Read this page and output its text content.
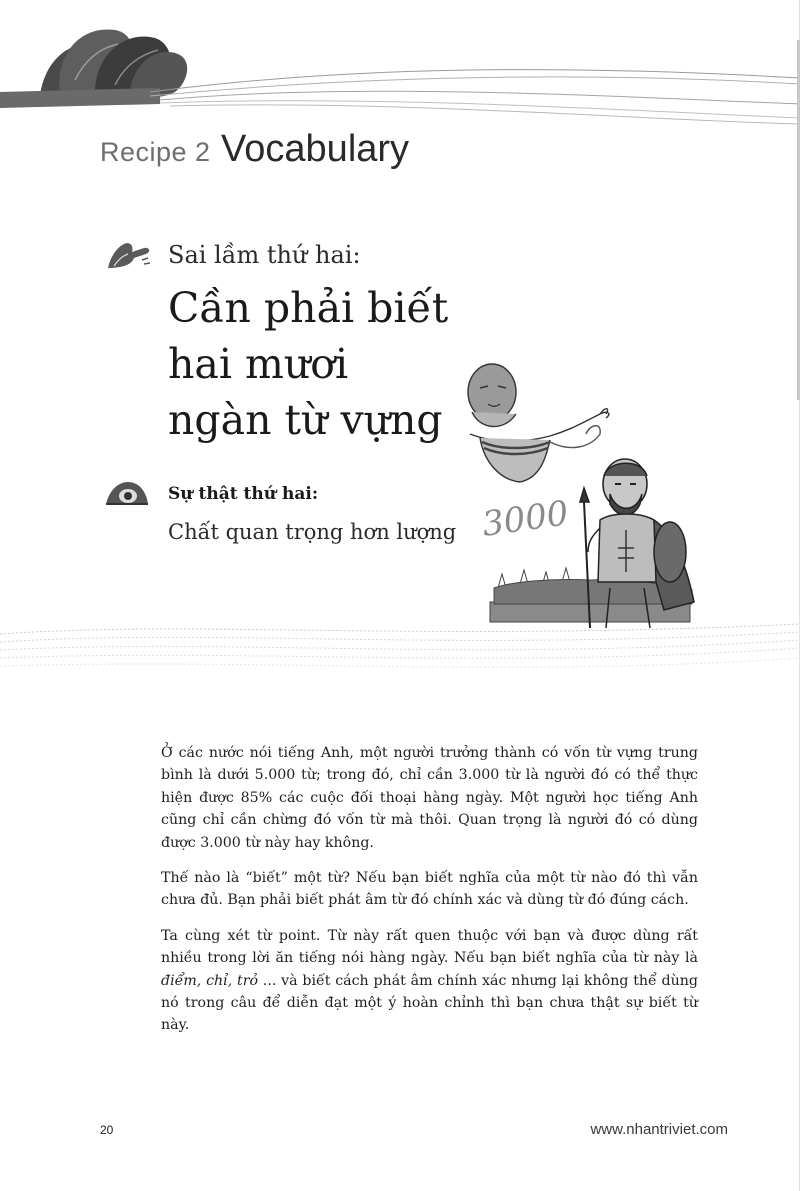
Recipe 2 Vocabulary
Sai lầm thứ hai:
Cần phải biết
hai mươi
ngàn từ vựng
Sự thật thứ hai:
Chất quan trọng hơn lượng 3000

Ở các nước nói tiếng Anh, một người trưởng thành có vốn từ vựng trung bình là dưới 5.000 từ; trong đó, chỉ cần 3.000 từ là người đó có thể thực hiện được 85% các cuộc đối thoại hàng ngày. Một người học tiếng Anh cũng chỉ cần chừng đó vốn từ mà thôi. Quan trọng là người đó có dùng được 3.000 từ này hay không.

Thế nào là “biết” một từ? Nếu bạn biết nghĩa của một từ nào đó thì vẫn chưa đủ. Bạn phải biết phát âm từ đó chính xác và dùng từ đó đúng cách.

Ta cùng xét từ point. Từ này rất quen thuộc với bạn và được dùng rất nhiều trong lời ăn tiếng nói hàng ngày. Nếu bạn biết nghĩa của từ này là điểm, chỉ, trỏ ... và biết cách phát âm chính xác nhưng lại không thể dùng nó trong câu để diễn đạt một ý hoàn chỉnh thì bạn chưa thật sự biết từ này.

20	www.nhantriviet.com
